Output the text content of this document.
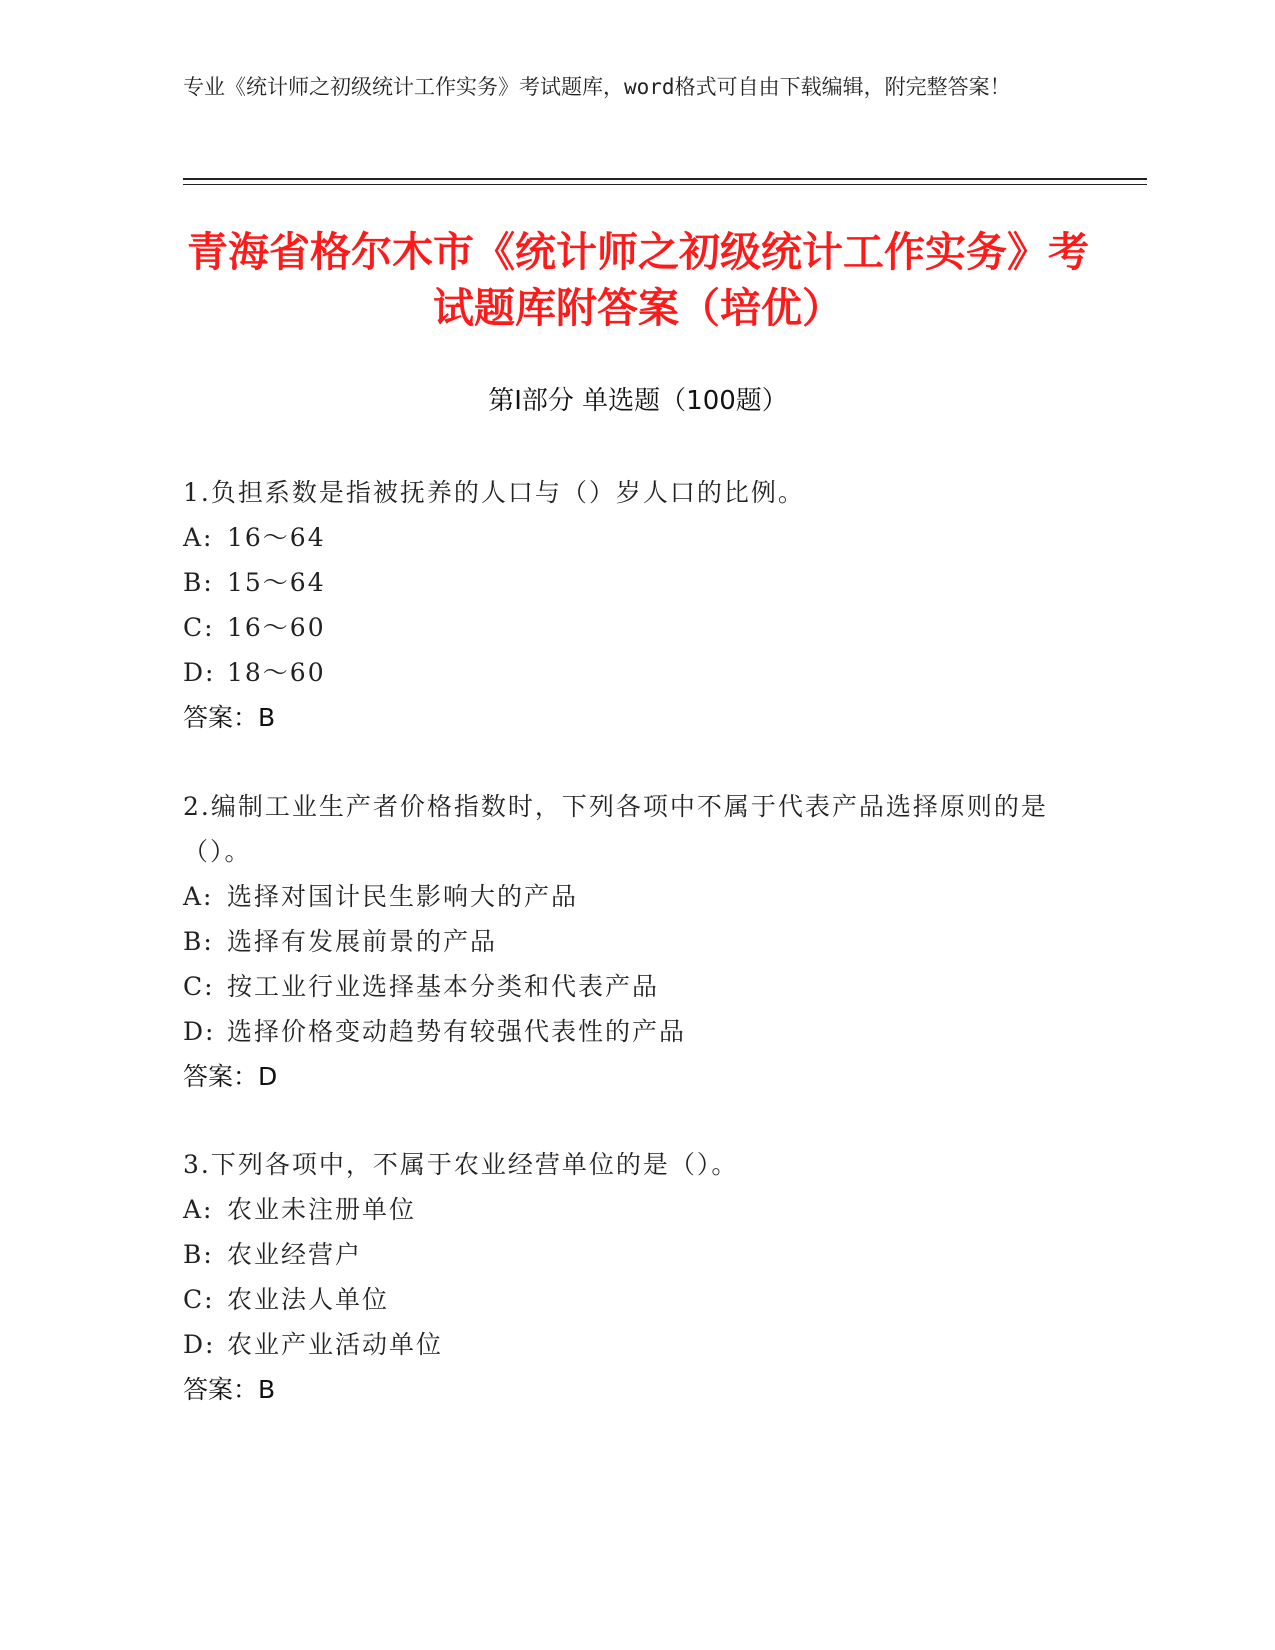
专业《统计师之初级统计工作实务》考试题库，word格式可自由下载编辑，附完整答案！
青海省格尔木市《统计师之初级统计工作实务》考试题库附答案（培优）
第I部分 单选题（100题）
1.负担系数是指被抚养的人口与（）岁人口的比例。
A: 16～64
B: 15～64
C: 16～60
D: 18～60
答案：B
2.编制工业生产者价格指数时，下列各项中不属于代表产品选择原则的是（）。
A: 选择对国计民生影响大的产品
B: 选择有发展前景的产品
C: 按工业行业选择基本分类和代表产品
D: 选择价格变动趋势有较强代表性的产品
答案：D
3.下列各项中，不属于农业经营单位的是（）。
A: 农业未注册单位
B: 农业经营户
C: 农业法人单位
D: 农业产业活动单位
答案：B
